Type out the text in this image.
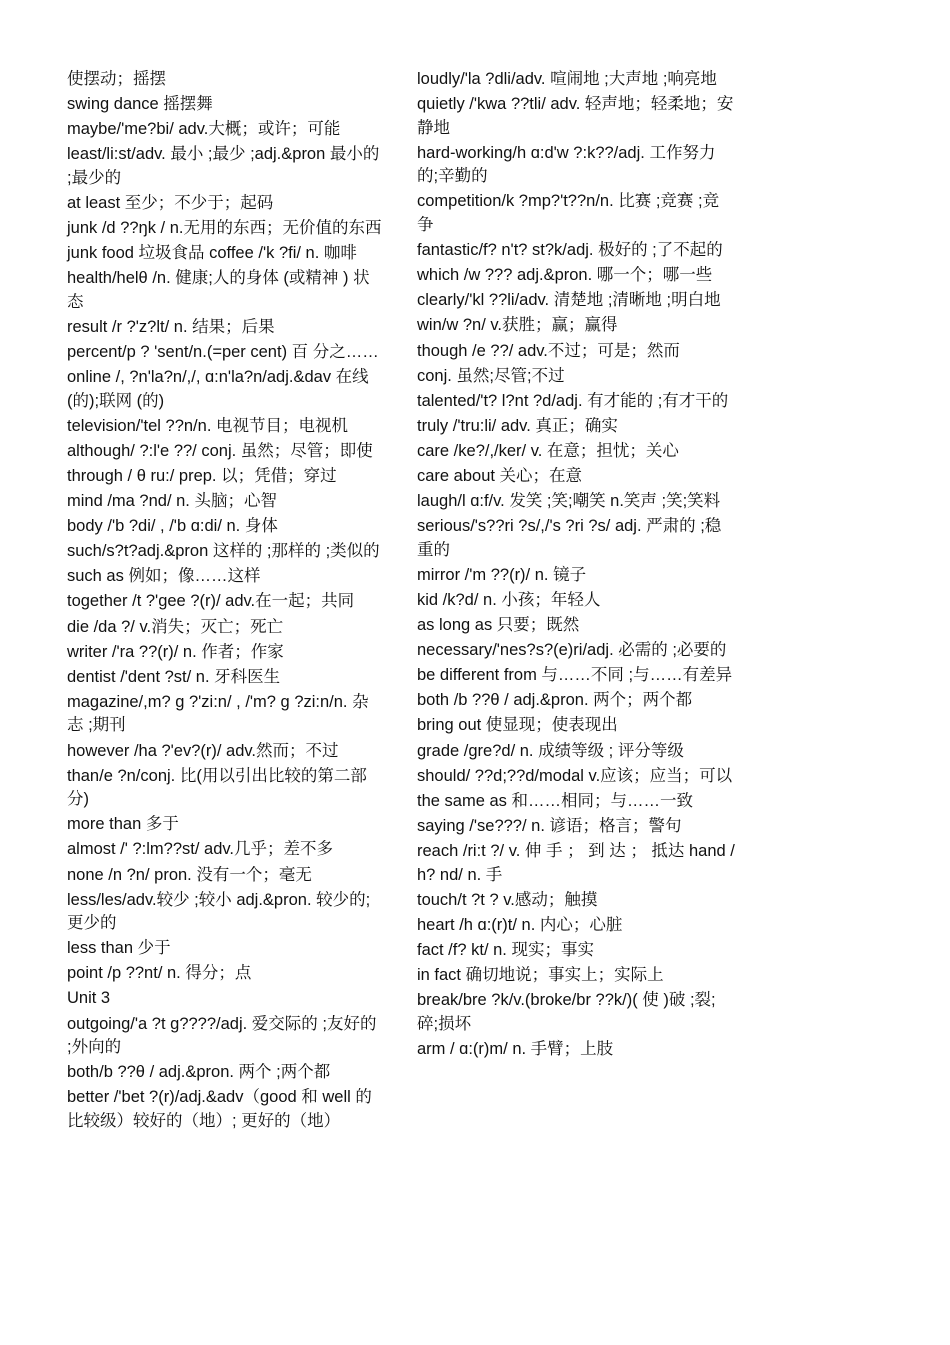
使摆动；摇摆
swing dance 摇摆舞
maybe/'me?bi/ adv.大概；或许；可能
least/li:st/adv. 最小 ;最少 ;adj.&pron 最小的 ;最少的
at least 至少；不少于；起码
junk /d ??ŋk / n.无用的东西；无价值的东西
junk food 垃圾食品 coffee /'k ?fi/ n. 咖啡
health/helθ /n. 健康;人的身体 (或精神 ) 状态
result /r ?'z?lt/ n. 结果；后果
percent/p ? 'sent/n.(=per cent) 百 分之……
online /, ?n'la?n/,/, ɑ:n'la?n/adj.&dav 在线 (的);联网 (的)
television/'tel ??n/n. 电视节目；电视机
although/ ?:l'e ??/ conj. 虽然；尽管；即使
through / θ ru:/ prep. 以；凭借；穿过
mind /ma ?nd/ n. 头脑；心智
body /'b ?di/ , /'b ɑ:di/ n. 身体
such/s?t?adj.&pron 这样的 ;那样的 ;类似的
such as 例如；像……这样
together /t ?'ɡee ?(r)/ adv.在一起；共同
die /da ?/ v.消失；灭亡；死亡
writer /'ra ??(r)/ n. 作者；作家
dentist /'dent ?st/ n. 牙科医生
magazine/,m? g ?'zi:n/ , /'m? g ?zi:n/n. 杂志 ;期刊
however /ha ?'ev?(r)/ adv.然而；不过
than/e ?n/conj. 比(用以引出比较的第二部分)
more than 多于
almost /' ?:lm??st/ adv.几乎；差不多
none /n ?n/ pron. 没有一个；毫无
less/les/adv.较少 ;较小 adj.&pron. 较少的;更少的
less than 少于
point /p ??nt/ n. 得分；点
Unit 3
outgoing/'a ?t ɡ????/adj. 爱交际的 ;友好的 ;外向的
both/b ??θ / adj.&pron. 两个 ;两个都
better /'bet ?(r)/adj.&adv（good 和 well 的比较级）较好的（地）; 更好的（地）
loudly/'la ?dli/adv. 喧闹地 ;大声地 ;响亮地
quietly /'kwa ??tli/ adv. 轻声地；轻柔地；安静地
hard-working/h ɑ:d'w ?:k??/adj. 工作努力的;辛勤的
competition/k ?mp?'t??n/n. 比赛 ;竞赛 ;竞争
fantastic/f? n't? st?k/adj. 极好的 ;了不起的
which /w ??? adj.&pron. 哪一个；哪一些
clearly/'kl ??li/adv. 清楚地 ;清晰地 ;明白地
win/w ?n/ v.获胜；赢；赢得
though /e ??/ adv.不过；可是；然而
conj. 虽然;尽管;不过
talented/'t? l?nt ?d/adj. 有才能的 ;有才干的
truly /'tru:li/ adv. 真正；确实
care /ke?/,/ker/ v. 在意；担忧；关心
care about 关心；在意
laugh/l ɑ:f/v. 发笑 ;笑;嘲笑 n.笑声 ;笑;笑料
serious/'s??ri ?s/,/'s ?ri ?s/ adj. 严肃的 ;稳重的
mirror /'m ??(r)/ n. 镜子
kid /k?d/ n. 小孩；年轻人
as long as 只要；既然
necessary/'nes?s?(e)ri/adj. 必需的 ;必要的
be different from 与……不同 ;与……有差异
both /b ??θ / adj.&pron. 两个；两个都
bring out 使显现；使表现出
grade /gre?d/ n. 成绩等级 ; 评分等级
should/ ??d;??d/modal v.应该；应当；可以
the same as 和……相同；与……一致
saying /'se???/ n. 谚语；格言；警句
reach /ri:t ?/ v. 伸 手 ； 到 达 ； 抵达 hand /h? nd/ n. 手
touch/t ?t ? v.感动；触摸
heart /h ɑ:(r)t/ n. 内心；心脏
fact /f? kt/ n. 现实；事实
in fact 确切地说；事实上；实际上
break/bre ?k/v.(broke/br ??k/)( 使 )破 ;裂;碎;损坏
arm / ɑ:(r)m/ n. 手臂；上肢
